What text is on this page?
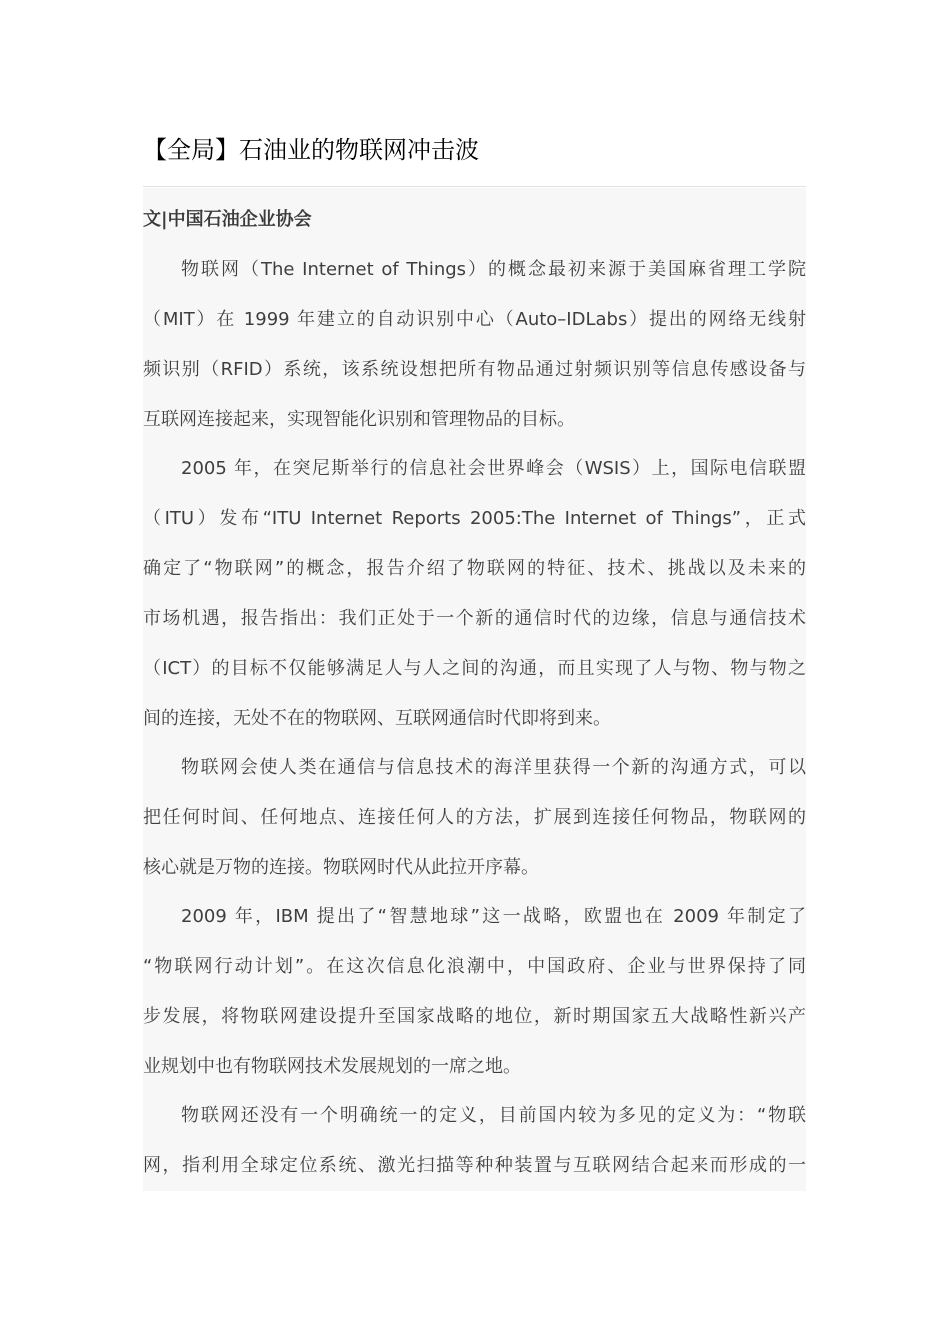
【全局】石油业的物联网冲击波
文|中国石油企业协会
物联网（The Internet of Things）的概念最初来源于美国麻省理工学院
（MIT）在 1999 年建立的自动识别中心（Auto–IDLabs）提出的网络无线射
频识别（RFID）系统，该系统设想把所有物品通过射频识别等信息传感设备与
互联网连接起来，实现智能化识别和管理物品的目标。
2005 年，在突尼斯举行的信息社会世界峰会（WSIS）上，国际电信联盟
（ITU）发布“ITU Internet Reports 2005:The Internet of Things”，正式
确定了“物联网”的概念，报告介绍了物联网的特征、技术、挑战以及未来的
市场机遇，报告指出：我们正处于一个新的通信时代的边缘，信息与通信技术
（ICT）的目标不仅能够满足人与人之间的沟通，而且实现了人与物、物与物之
间的连接，无处不在的物联网、互联网通信时代即将到来。
物联网会使人类在通信与信息技术的海洋里获得一个新的沟通方式，可以
把任何时间、任何地点、连接任何人的方法，扩展到连接任何物品，物联网的
核心就是万物的连接。物联网时代从此拉开序幕。
2009 年，IBM 提出了“智慧地球”这一战略，欧盟也在 2009 年制定了
“物联网行动计划”。在这次信息化浪潮中，中国政府、企业与世界保持了同
步发展，将物联网建设提升至国家战略的地位，新时期国家五大战略性新兴产
业规划中也有物联网技术发展规划的一席之地。
物联网还没有一个明确统一的定义，目前国内较为多见的定义为：“物联
网，指利用全球定位系统、激光扫描等种种装置与互联网结合起来而形成的一
